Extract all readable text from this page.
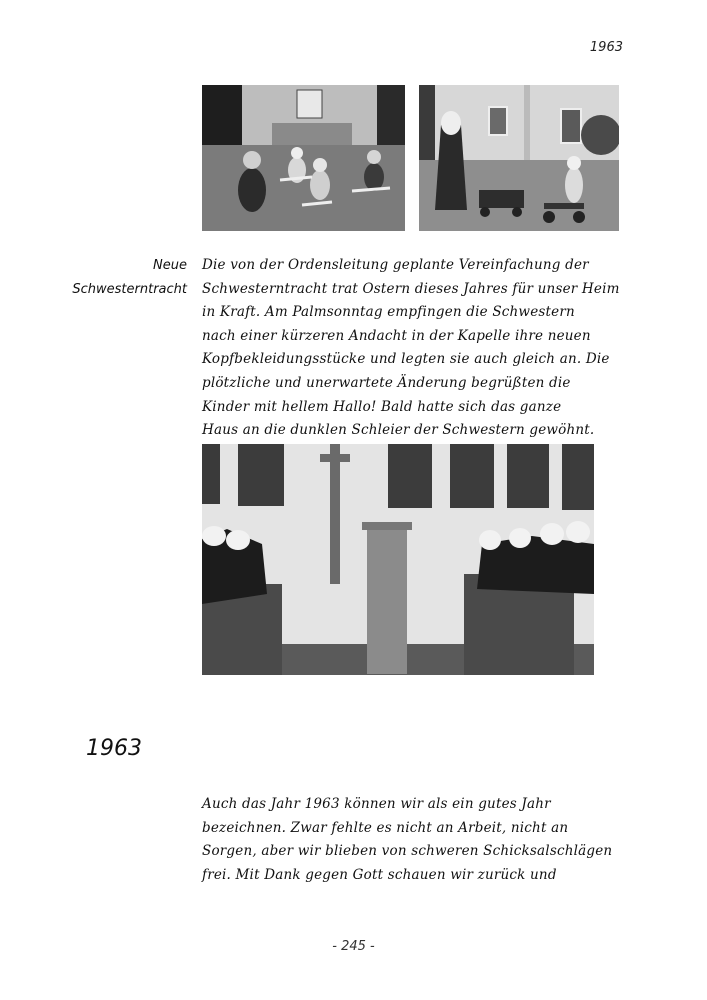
1963
Neue
Schwesterntracht
Die von der Ordensleitung geplante Vereinfachung der
Schwesterntracht trat Ostern dieses Jahres für unser Heim
in Kraft. Am Palmsonntag empfingen die Schwestern
nach einer kürzeren Andacht in der Kapelle ihre neuen
Kopfbekleidungsstücke und legten sie auch gleich an. Die
plötzliche und unerwartete Änderung begrüßten die
Kinder mit hellem Hallo! Bald hatte sich das ganze
Haus an die dunklen Schleier der Schwestern gewöhnt.
1963
Auch das Jahr 1963 können wir als ein gutes Jahr
bezeichnen. Zwar fehlte es nicht an Arbeit, nicht an
Sorgen, aber wir blieben von schweren Schicksalschlägen
frei. Mit Dank gegen Gott schauen wir zurück und
- 245 -
